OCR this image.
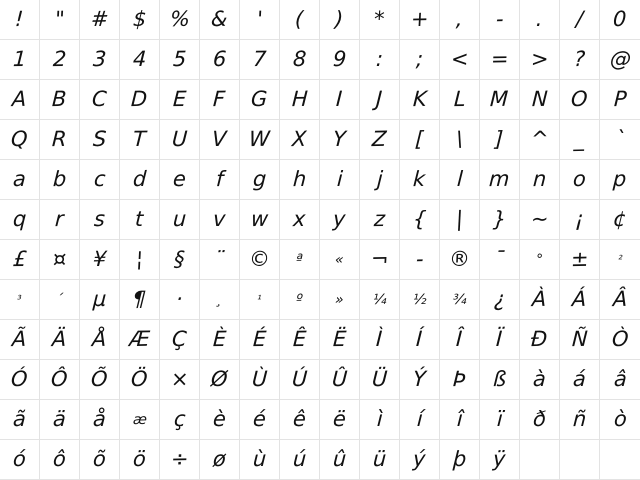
! " # $ % & ' ( ) * + , - . / 0
1 2 3 4 5 6 7 8 9 : ; < = > ? @
A B C D E F G H I J K L M N O P
Q R S T U V W X Y Z [ \ ] ^ _ `
a b c d e f g h i j k l m n o p
q r s t u v w x y z { | } ~ ¡ ¢
£ ¤ ¥ ¦ § ¨ © ª « ¬ - ® ¯ ° ±	²
³ ´ µ ¶ · ¸	¹ º » ¼ ½ ¾ ¿ À Á Â
Ã Ä Å Æ Ç È É Ê Ë Ì Í Î Ï Ð Ñ Ò
Ó Ô Õ Ö × Ø Ù Ú Û Ü Ý Þ ß à á â
ã ä å æ ç è é ê ë ì í î ï ð ñ ò
ó ô õ ö ÷ ø ù ú û ü ý þ ÿ
